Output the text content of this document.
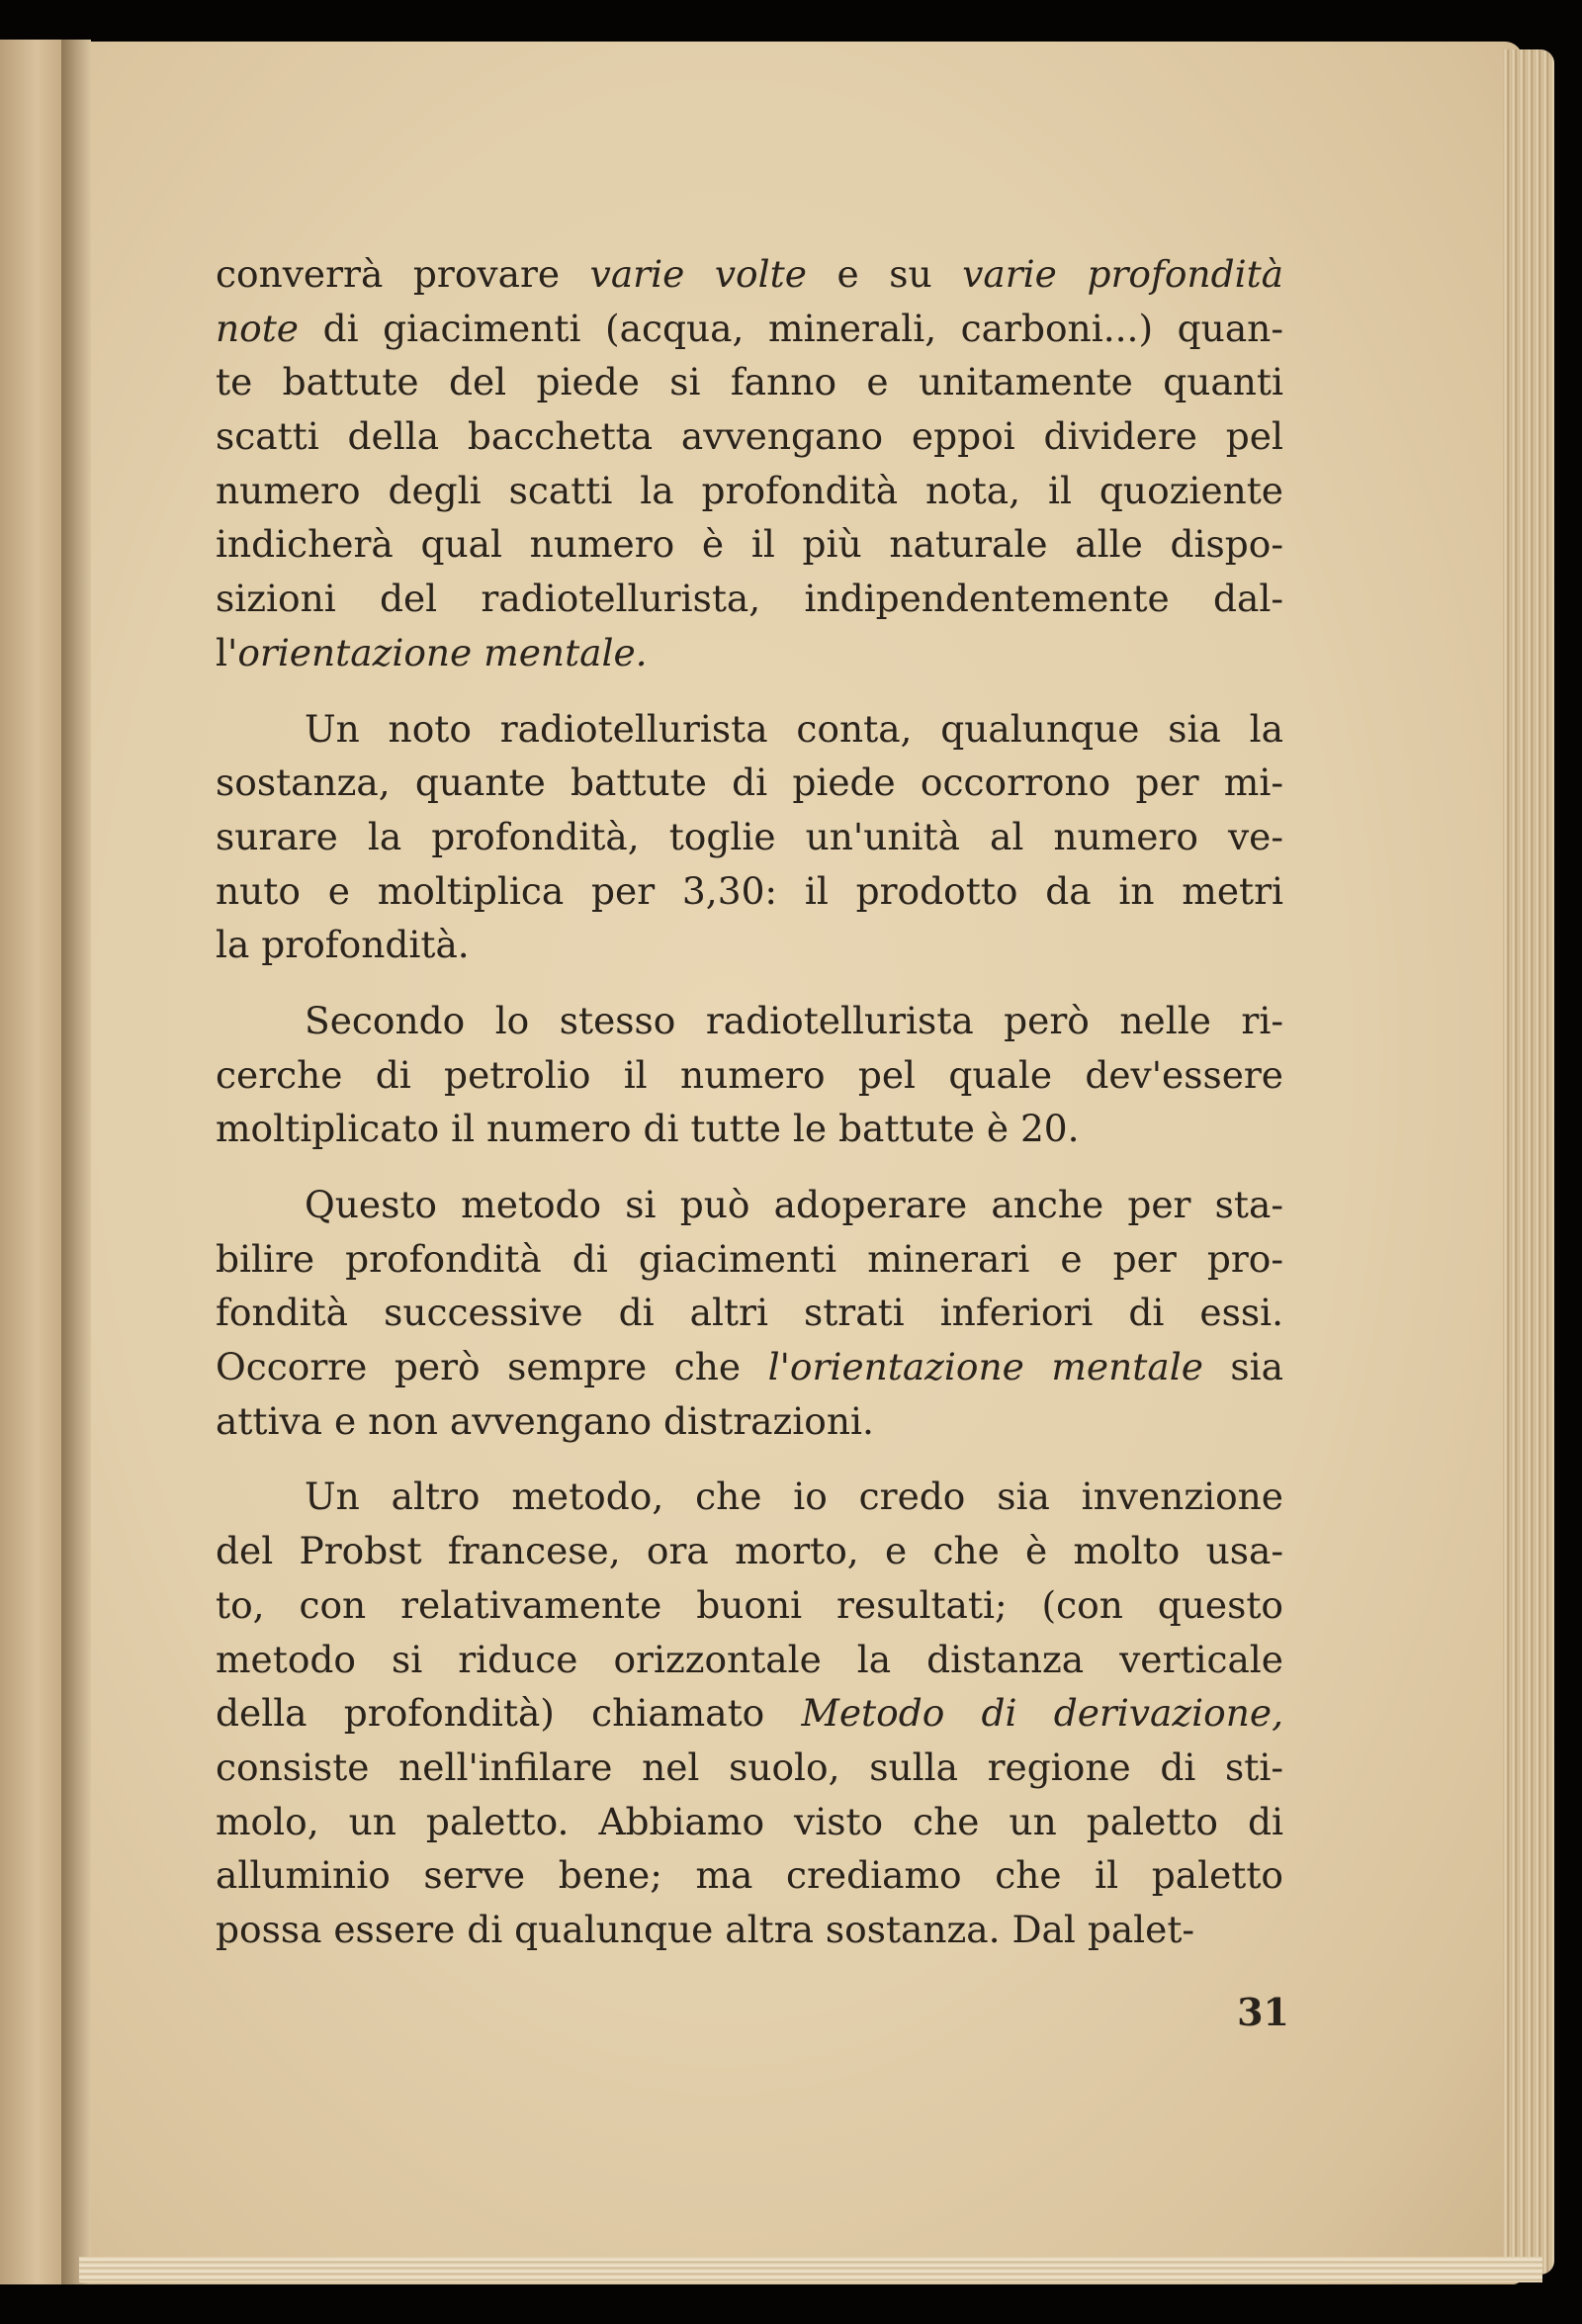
converrà provare varie volte e su varie profondità
note di giacimenti (acqua, minerali, carboni...) quan-
te battute del piede si fanno e unitamente quanti
scatti della bacchetta avvengano eppoi dividere pel
numero degli scatti la profondità nota, il quoziente
indicherà qual numero è il più naturale alle dispo-
sizioni del radiotellurista, indipendentemente dal-
l'orientazione mentale.
Un noto radiotellurista conta, qualunque sia la
sostanza, quante battute di piede occorrono per mi-
surare la profondità, toglie un'unità al numero ve-
nuto e moltiplica per 3,30: il prodotto da in metri
la profondità.
Secondo lo stesso radiotellurista però nelle ri-
cerche di petrolio il numero pel quale dev'essere
moltiplicato il numero di tutte le battute è 20.
Questo metodo si può adoperare anche per sta-
bilire profondità di giacimenti minerari e per pro-
fondità successive di altri strati inferiori di essi.
Occorre però sempre che l'orientazione mentale sia
attiva e non avvengano distrazioni.
Un altro metodo, che io credo sia invenzione
del Probst francese, ora morto, e che è molto usa-
to, con relativamente buoni resultati; (con questo
metodo si riduce orizzontale la distanza verticale
della profondità) chiamato Metodo di derivazione,
consiste nell'infilare nel suolo, sulla regione di sti-
molo, un paletto. Abbiamo visto che un paletto di
alluminio serve bene; ma crediamo che il paletto
possa essere di qualunque altra sostanza. Dal palet-
31
